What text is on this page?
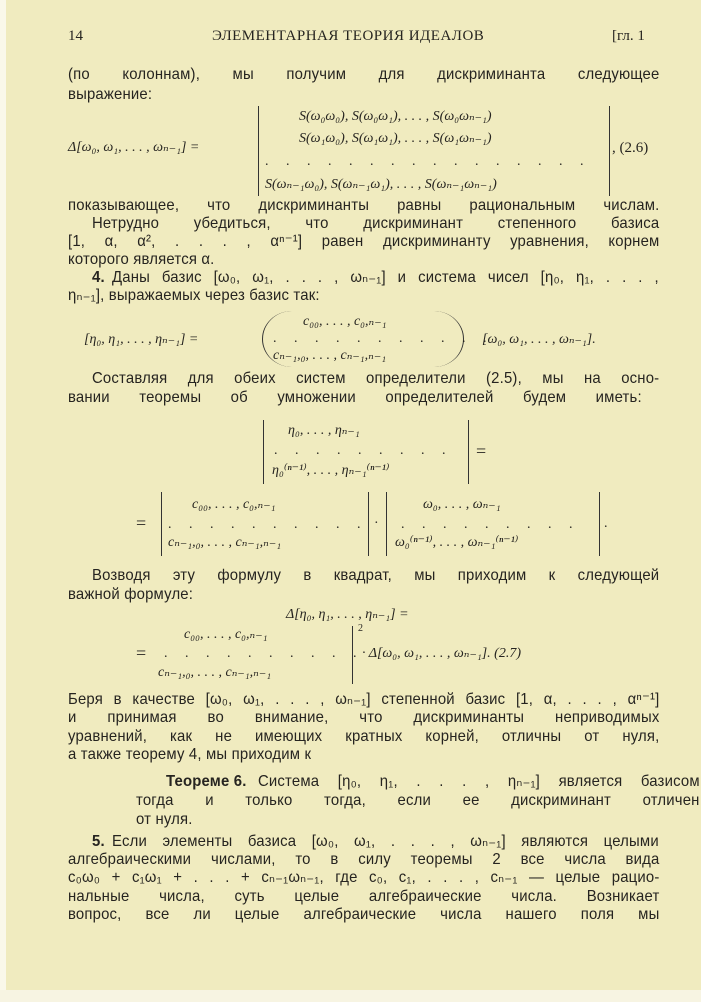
14	ЭЛЕМЕНТАРНАЯ ТЕОРИЯ ИДЕАЛОВ	[гл. 1
(по колоннам), мы получим для дискриминанта следующее
выражение:
Δ[ω₀, ω₁, . . . , ωₙ₋₁] =
S(ω₀ω₀), S(ω₀ω₁), . . . , S(ω₀ωₙ₋₁)
S(ω₁ω₀), S(ω₁ω₁), . . . , S(ω₁ωₙ₋₁)
. . . . . . . . . . . . . . . .
S(ωₙ₋₁ω₀), S(ωₙ₋₁ω₁), . . . , S(ωₙ₋₁ωₙ₋₁)
, (2.6)
показывающее, что дискриминанты равны рациональным числам.
Нетрудно убедиться, что дискриминант степенного базиса
[1, α, α², . . . , αⁿ⁻¹] равен дискриминанту уравнения, корнем
которого является α.
4. Даны базис [ω₀, ω₁, . . . , ωₙ₋₁] и система чисел [η₀, η₁, . . . ,
ηₙ₋₁], выражаемых через базис так:
[η₀, η₁, . . . , ηₙ₋₁] =
c₀₀, . . . , c₀,ₙ₋₁
. . . . . . . . . . .
cₙ₋₁,₀, . . . , cₙ₋₁,ₙ₋₁
[ω₀, ω₁, . . . , ωₙ₋₁].
Составляя для обеих систем определители (2.5), мы на осно-
вании теоремы об умножении определителей будем иметь:
η₀, . . . , ηₙ₋₁
. . . . . . . . .
η₀⁽ⁿ⁻¹⁾, . . . , ηₙ₋₁⁽ⁿ⁻¹⁾
=
=
c₀₀, . . . , c₀,ₙ₋₁
. . . . . . . . . .
cₙ₋₁,₀, . . . , cₙ₋₁,ₙ₋₁
·
ω₀, . . . , ωₙ₋₁
. . . . . . . . .
ω₀⁽ⁿ⁻¹⁾, . . . , ωₙ₋₁⁽ⁿ⁻¹⁾
.
Возводя эту формулу в квадрат, мы приходим к следующей
важной формуле:
Δ[η₀, η₁, . . . , ηₙ₋₁] =
=
c₀₀, . . . , c₀,ₙ₋₁
. . . . . . . . . . .
cₙ₋₁,₀, . . . , cₙ₋₁,ₙ₋₁
2
· Δ[ω₀, ω₁, . . . , ωₙ₋₁]. (2.7)
Беря в качестве [ω₀, ω₁, . . . , ωₙ₋₁] степенной базис [1, α, . . . , αⁿ⁻¹]
и принимая во внимание, что дискриминанты неприводимых
уравнений, как не имеющих кратных корней, отличны от нуля,
а также теорему 4, мы приходим к
Теореме 6. Система [η₀, η₁, . . . , ηₙ₋₁] является базисом
тогда и только тогда, если ее дискриминант отличен
от нуля.
5. Если элементы базиса [ω₀, ω₁, . . . , ωₙ₋₁] являются целыми
алгебраическими числами, то в силу теоремы 2 все числа вида
c₀ω₀ + c₁ω₁ + . . . + cₙ₋₁ωₙ₋₁, где c₀, c₁, . . . , cₙ₋₁ — целые рацио-
нальные числа, суть целые алгебраические числа. Возникает
вопрос, все ли целые алгебраические числа нашего поля мы
